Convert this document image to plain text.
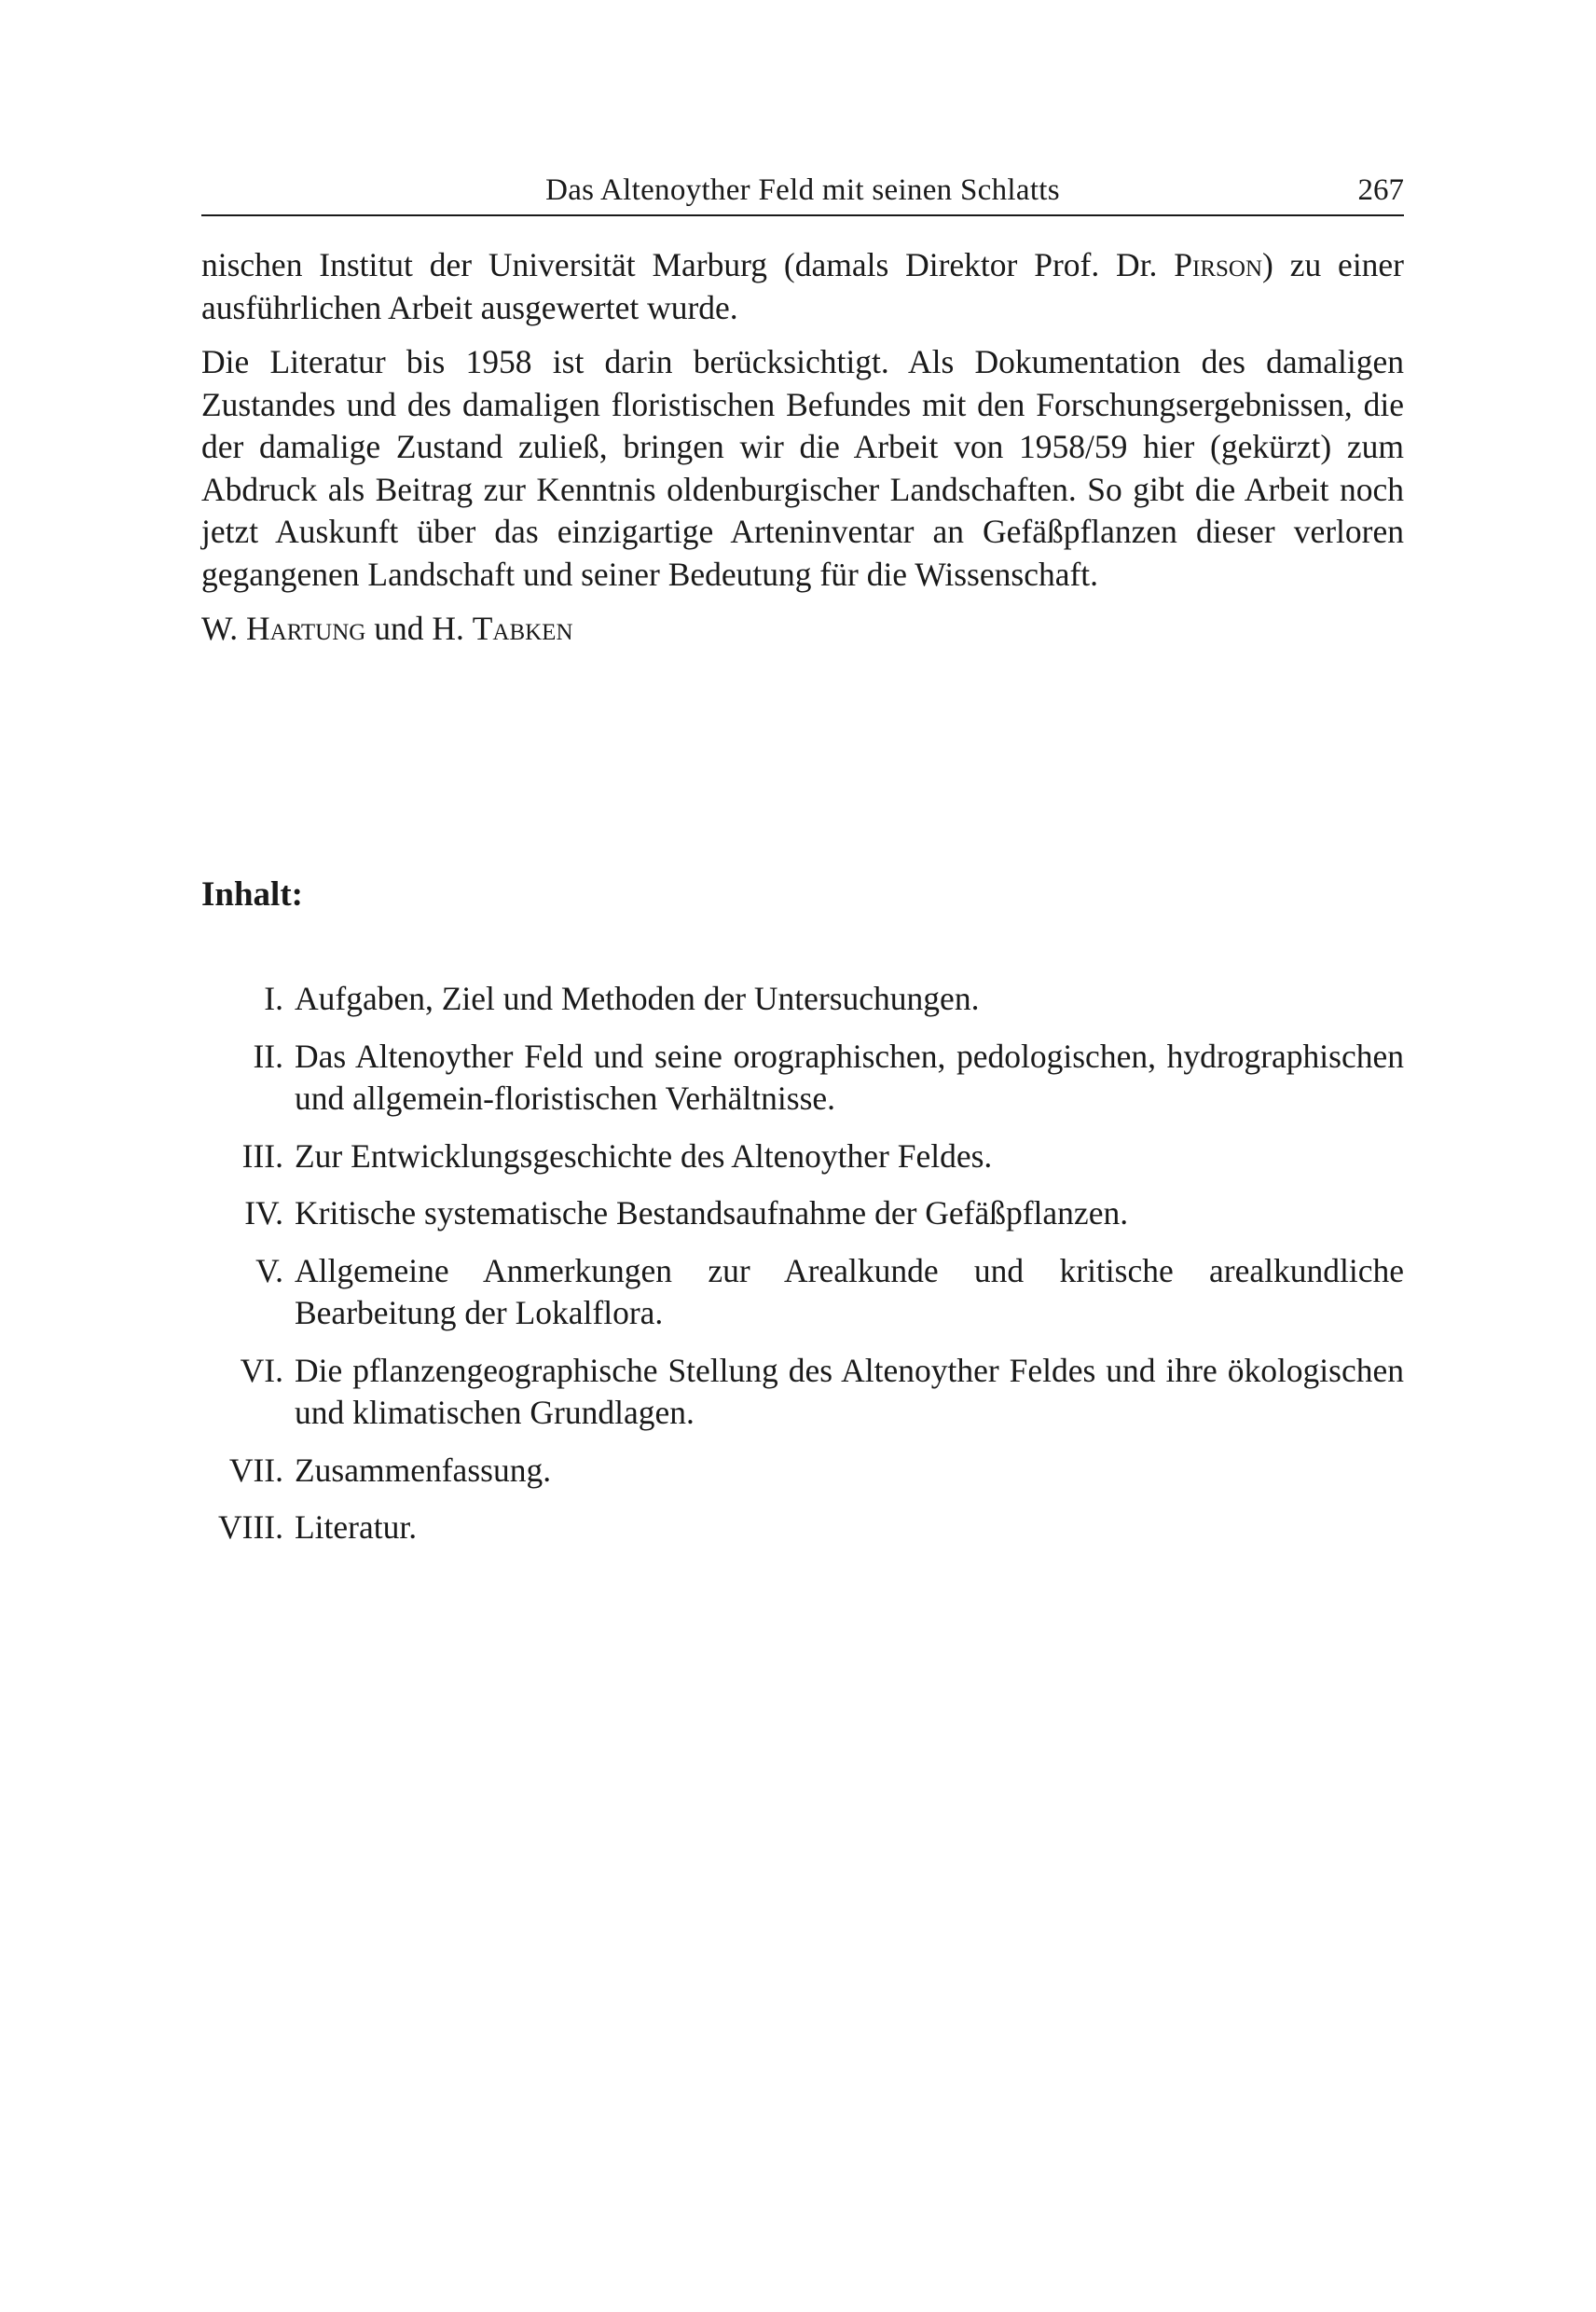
Das Altenoyther Feld mit seinen Schlatts	267

nischen Institut der Universität Marburg (damals Direktor Prof. Dr. Pirson) zu einer ausführlichen Arbeit ausgewertet wurde.

Die Literatur bis 1958 ist darin berücksichtigt. Als Dokumentation des damaligen Zustandes und des damaligen floristischen Befundes mit den Forschungsergebnissen, die der damalige Zustand zuließ, bringen wir die Arbeit von 1958/59 hier (gekürzt) zum Abdruck als Beitrag zur Kenntnis oldenburgischer Landschaften. So gibt die Arbeit noch jetzt Auskunft über das einzigartige Arteninventar an Gefäßpflanzen dieser verloren gegangenen Landschaft und seiner Bedeutung für die Wissenschaft.

W. Hartung und H. Tabken

Inhalt:
I. Aufgaben, Ziel und Methoden der Untersuchungen.
II. Das Altenoyther Feld und seine orographischen, pedologischen, hydrographischen und allgemein-floristischen Verhältnisse.
III. Zur Entwicklungsgeschichte des Altenoyther Feldes.
IV. Kritische systematische Bestandsaufnahme der Gefäßpflanzen.
V. Allgemeine Anmerkungen zur Arealkunde und kritische arealkundliche Bearbeitung der Lokalflora.
VI. Die pflanzengeographische Stellung des Altenoyther Feldes und ihre ökologischen und klimatischen Grundlagen.
VII. Zusammenfassung.
VIII. Literatur.
